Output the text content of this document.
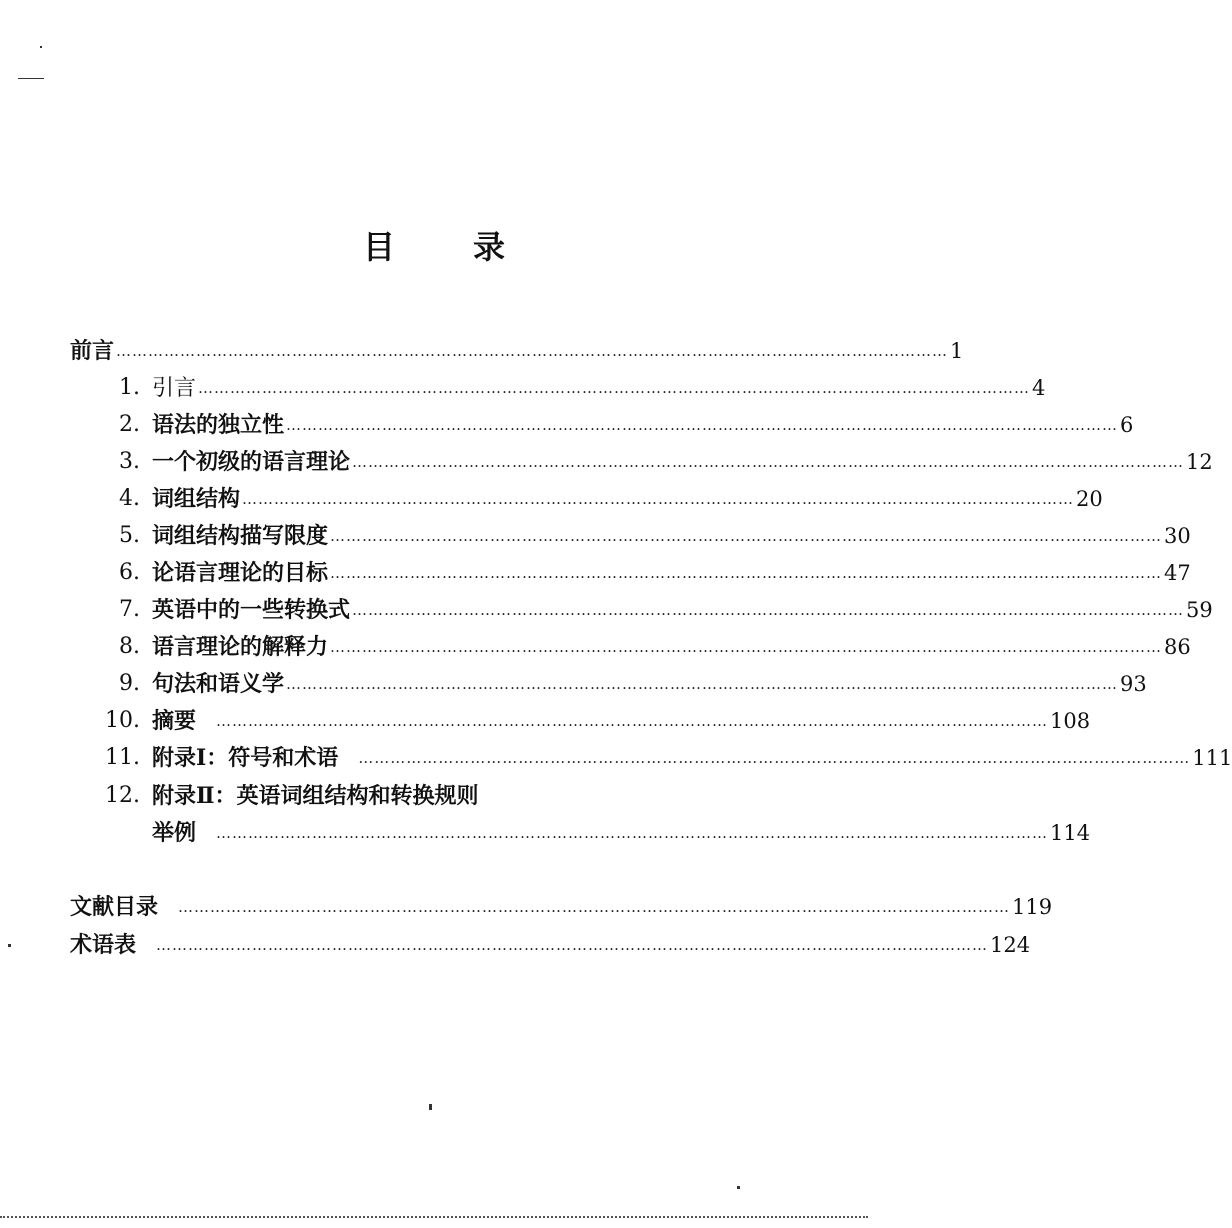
目 录
前言 ………………………………………………………………………………………………………………………………………… 1
1. 引言 ………………………………………………………………………………………………………………………………………… 4
2. 语法的独立性 ………………………………………………………………………………………………………………………………………… 6
3. 一个初级的语言理论 ………………………………………………………………………………………………………………………………………… 12
4. 词组结构 ………………………………………………………………………………………………………………………………………… 20
5. 词组结构描写限度 ………………………………………………………………………………………………………………………………………… 30
6. 论语言理论的目标 ………………………………………………………………………………………………………………………………………… 47
7. 英语中的一些转换式 ………………………………………………………………………………………………………………………………………… 59
8. 语言理论的解释力 ………………………………………………………………………………………………………………………………………… 86
9. 句法和语义学 ………………………………………………………………………………………………………………………………………… 93
10. 摘要 ………………………………………………………………………………………………………………………………………… 108
11. 附录Ⅰ：符号和术语 ………………………………………………………………………………………………………………………………………… 111
12. 附录Ⅱ：英语词组结构和转换规则
举例 ………………………………………………………………………………………………………………………………………… 114
文献目录 ………………………………………………………………………………………………………………………………………… 119
术语表 ………………………………………………………………………………………………………………………………………… 124
